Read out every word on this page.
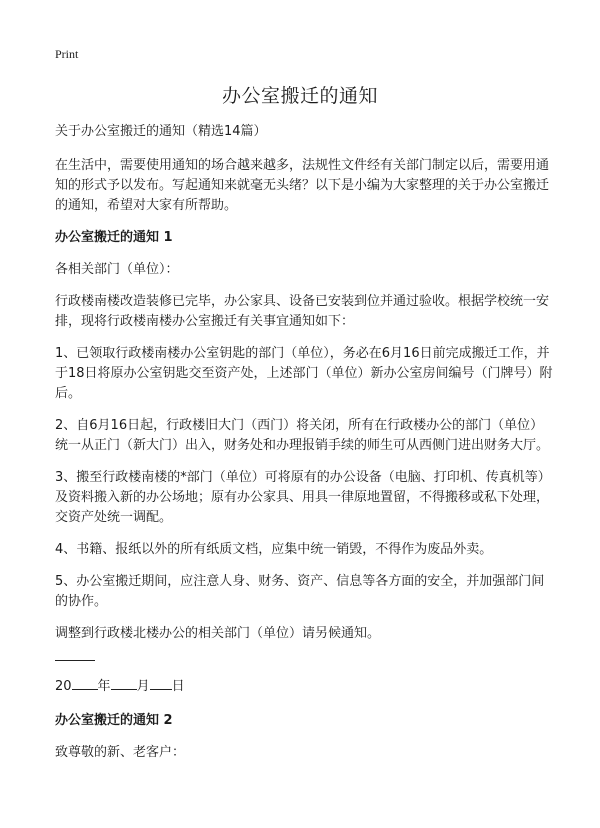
Print
办公室搬迁的通知

关于办公室搬迁的通知（精选14篇）

在生活中，需要使用通知的场合越来越多，法规性文件经有关部门制定以后，需要用通知的形式予以发布。写起通知来就毫无头绪？以下是小编为大家整理的关于办公室搬迁的通知，希望对大家有所帮助。

办公室搬迁的通知 1

各相关部门（单位）：

行政楼南楼改造装修已完毕，办公家具、设备已安装到位并通过验收。根据学校统一安排，现将行政楼南楼办公室搬迁有关事宜通知如下：

1、已领取行政楼南楼办公室钥匙的部门（单位），务必在6月16日前完成搬迁工作，并于18日将原办公室钥匙交至资产处，上述部门（单位）新办公室房间编号（门牌号）附后。

2、自6月16日起，行政楼旧大门（西门）将关闭，所有在行政楼办公的部门（单位）统一从正门（新大门）出入，财务处和办理报销手续的师生可从西侧门进出财务大厅。

3、搬至行政楼南楼的*部门（单位）可将原有的办公设备（电脑、打印机、传真机等）及资料搬入新的办公场地；原有办公家具、用具一律原地置留，不得搬移或私下处理，交资产处统一调配。

4、书籍、报纸以外的所有纸质文档，应集中统一销毁，不得作为废品外卖。

5、办公室搬迁期间，应注意人身、财务、资产、信息等各方面的安全，并加强部门间的协作。

调整到行政楼北楼办公的相关部门（单位）请另候通知。

20 年 月 日
办公室搬迁的通知 2

致尊敬的新、老客户：
